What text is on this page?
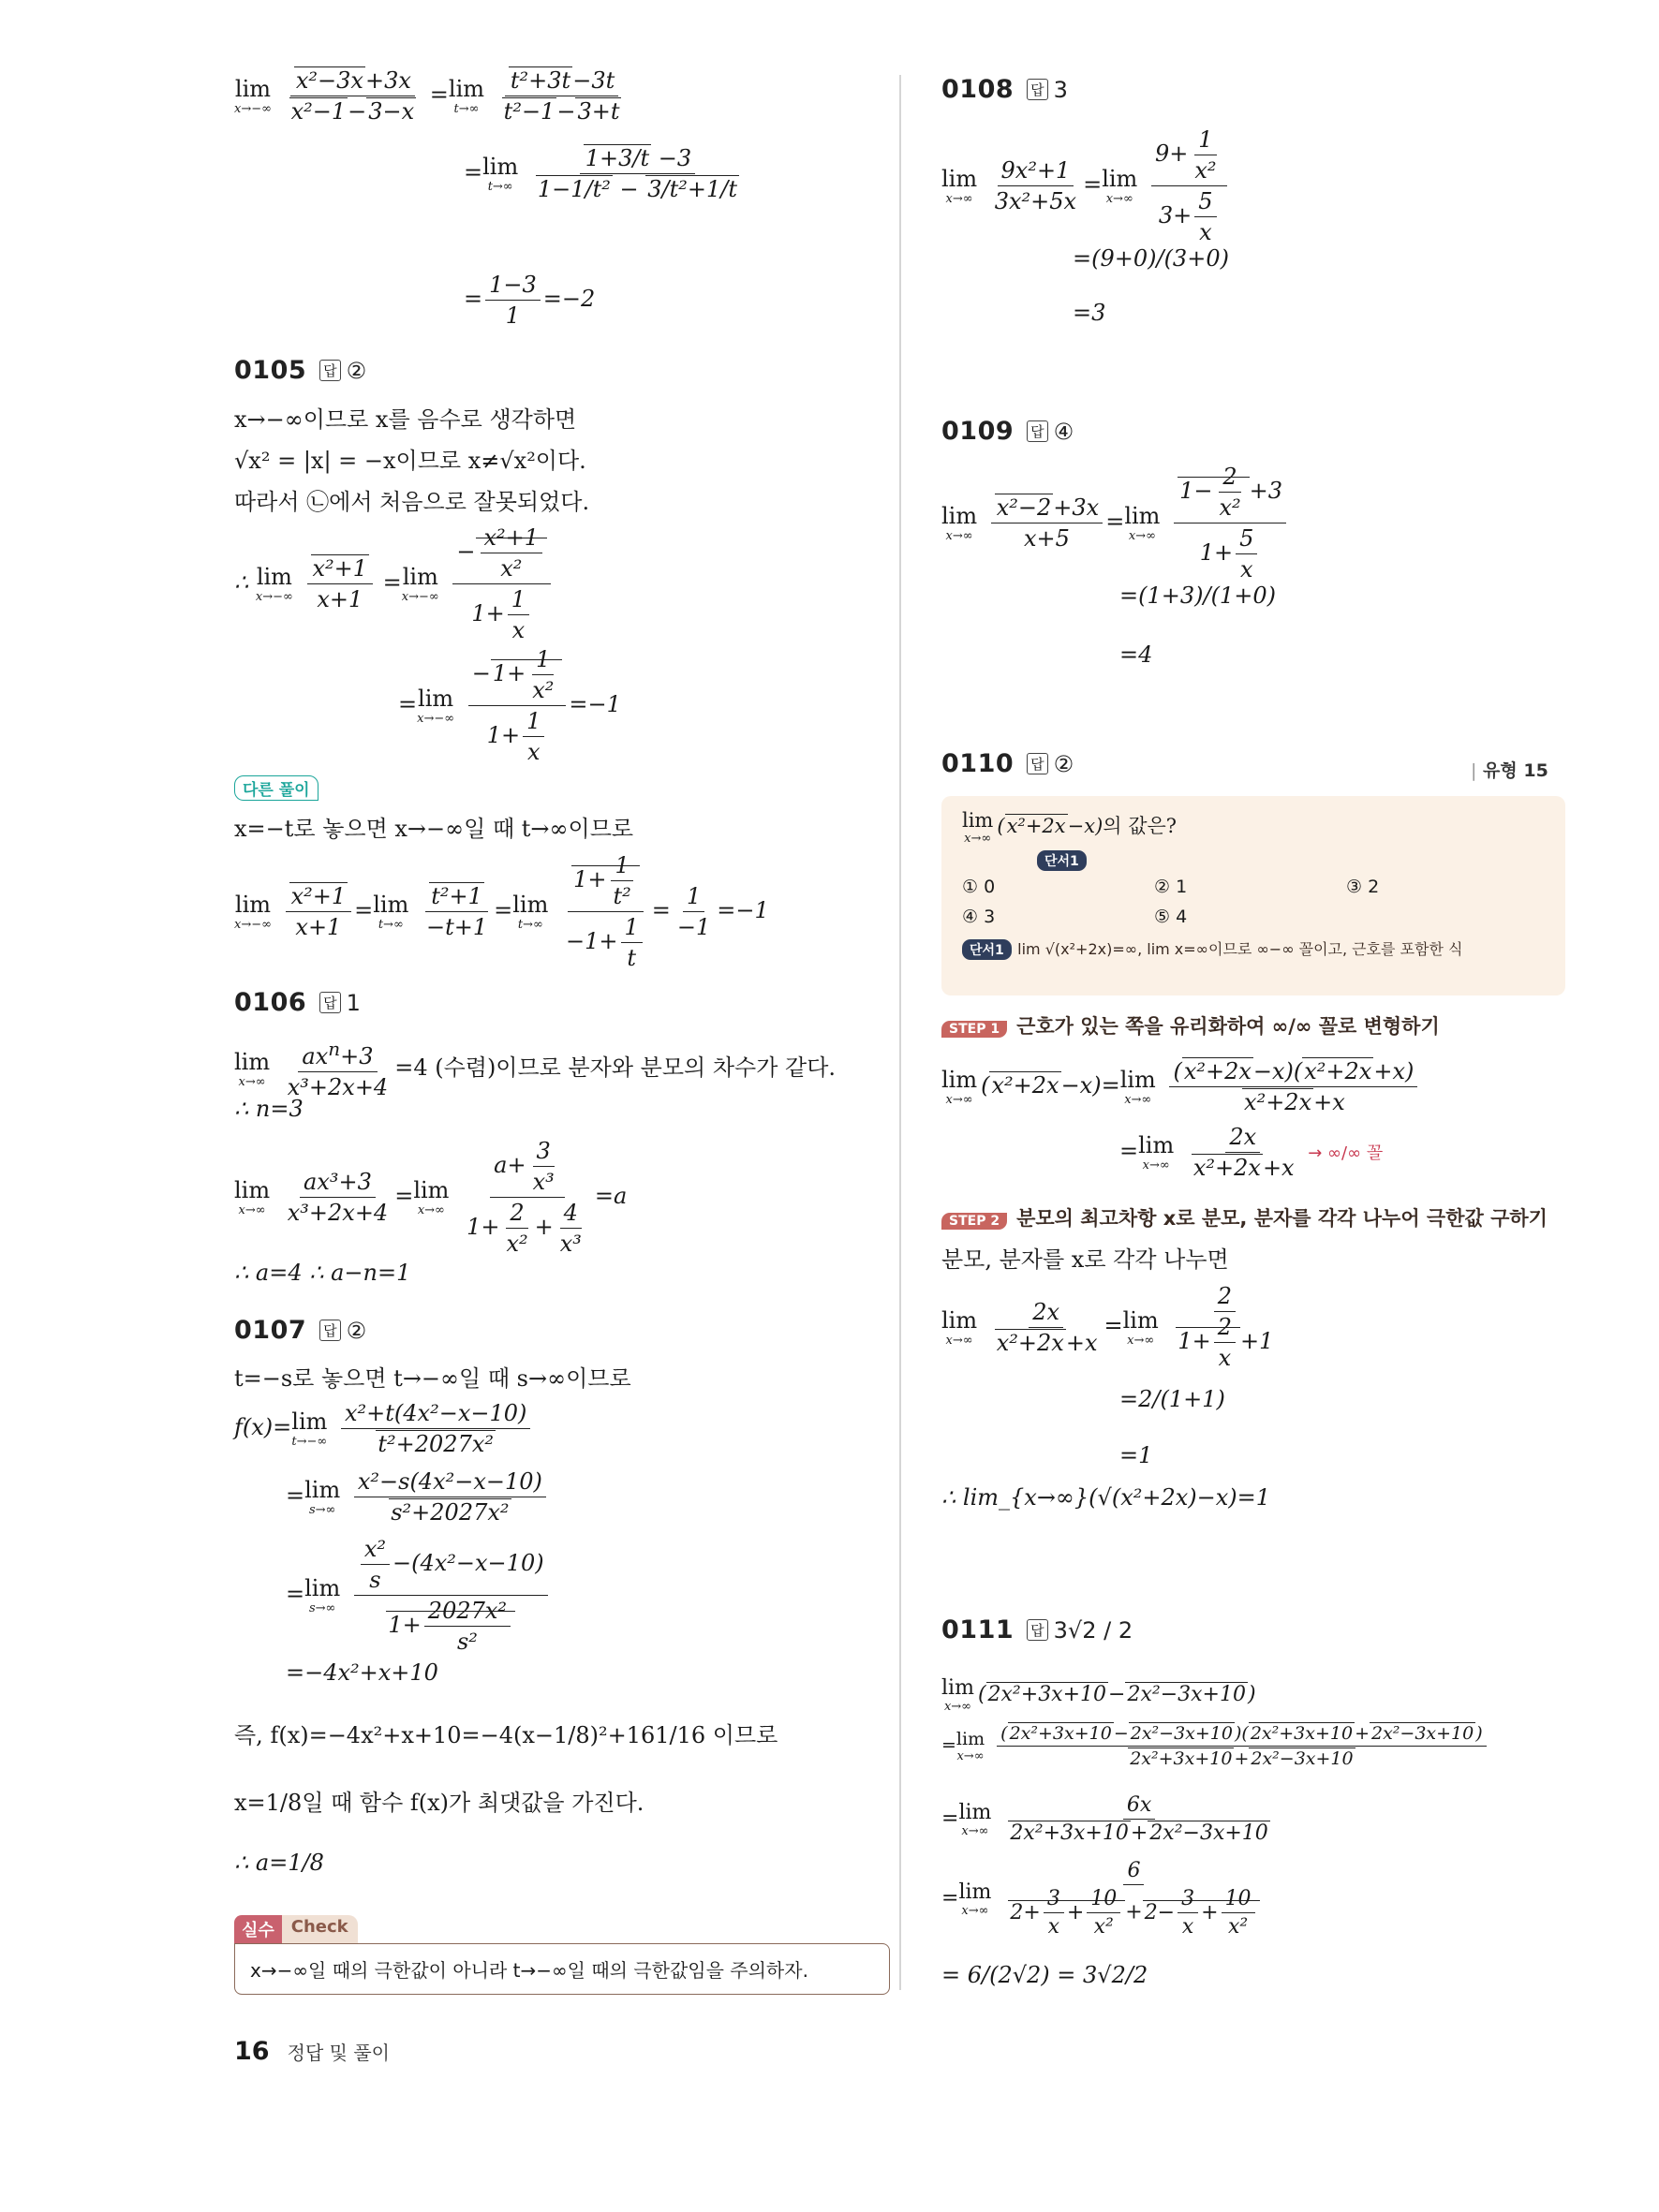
lim
x→−∞
$\frac{\text{x²−3x+3x}}{\text{x²−1−3−x}} = \lim$
t→∞
$\frac{\text{t²+3t−3t}}{\text{t²−1−3+t}}$
= lim
t→∞
$\frac{1+3/t -3}{\text{1−1/t² − 3/t²+1/t}}$
= $\frac{1-3}{1} =-2$
0105 답 ②
x→−∞이므로 x를 음수로 생각하면
√x² = |x| = −x이므로 x≠√x²이다.
따라서 ㉡에서 처음으로 잘못되었다.
∴ lim
x→−∞
$\frac{\text{x²+1}}{x+1} = \lim$
x→−∞
$\frac{- \frac{\text{x²+1}}{\text{x²}}}{1+ \frac{1}{x}}$
= lim
x→−∞
$\frac{-1+ \frac{1}{\text{x²}}}{1+ \frac{1}{x}} =-1$
다른 풀이
x=−t로 놓으면 x→−∞일 때 t→∞이므로
lim
x→−∞
$\frac{\text{x²+1}}{x+1} = \lim$
t→∞
$\frac{\text{t²+1}}{-t+1} = \lim$
t→∞
$\frac{1+ \frac{1}{\text{t²}}}{-1+ \frac{1}{t}} = \frac{1}{-1} =-1$
0106 답 1
lim
x→∞
$\frac{ax^n+3}{\text{x³+2x+4}} =4$ (수렴)이므로 분자와 분모의 차수가 같다.
∴ n=3
lim
x→∞
$\frac{\text{ax³+3}}{\text{x³+2x+4}} = \lim$
x→∞
$\frac{a+ \frac{3}{\text{x³}}}{1+ \frac{2}{\text{x²}} + \frac{4}{\text{x³}}} =a$
∴ a=4 ∴ a−n=1
0107 답 ②
t=−s로 놓으면 t→−∞일 때 s→∞이므로
f(x)= lim
t→−∞
$\frac{\text{x²+t(4x²−x−10)}}{\text{t²+2027x²}}$
= lim
s→∞
$\frac{\text{x²−s(4x²−x−10)}}{\text{s²+2027x²}}$
= lim
s→∞
$\frac{\frac{\text{x²}}{s} -(4x^2-x-10)}{1+ \frac{\text{2027x²}}{\text{s²}}}$
=−4x²+x+10
즉, f(x)=−4x²+x+10=−4(x−1/8)²+161/16 이므로
x=1/8일 때 함수 f(x)가 최댓값을 가진다.
∴ a=1/8
실수	Check
x→−∞일 때의 극한값이 아니라 t→−∞일 때의 극한값임을 주의하자.
0108 답 3
lim
x→∞
$\frac{\text{9x²+1}}{\text{3x²+5x}} = \lim$
x→∞
$\frac{9+ \frac{1}{\text{x²}}}{3+ \frac{5}{x}}$
=(9+0)/(3+0)
=3
0109 답 ④
lim
x→∞
$\frac{\text{x²−2+3x}}{x+5} = \lim$
x→∞
$\frac{1- \frac{2}{\text{x²}} +3}{1+ \frac{5}{x}}$
=(1+3)/(1+0)
=4
0110 답 ②	| 유형 15
lim
x→∞
(x²+2x−x)의 값은?
단서1
① 0	② 1	③ 2
④ 3	⑤ 4
단서1 lim √(x²+2x)=∞, lim x=∞이므로 ∞−∞ 꼴이고, 근호를 포함한 식
STEP 1 근호가 있는 쪽을 유리화하여 ∞/∞ 꼴로 변형하기
lim
x→∞
(x²+2x−x)= lim
x→∞
$\frac{\text{(x²+2x−x)(x²+2x+x)}}{\text{x²+2x+x}}$
= lim
x→∞
$\frac{2x}{\text{x²+2x+x}}$ → ∞/∞ 꼴
STEP 2 분모의 최고차항 x로 분모, 분자를 각각 나누어 극한값 구하기
분모, 분자를 x로 각각 나누면
lim
x→∞
$\frac{2x}{\text{x²+2x+x}} = \lim$
x→∞
$\frac{2}{1+ \frac{2}{x} +1}$
=2/(1+1)
=1
∴ lim_{x→∞}(√(x²+2x)−x)=1
0111 답 3√2 / 2
lim
x→∞
(2x²+3x+10−2x²−3x+10)
= lim
x→∞
$\frac{\text{( 2x²+3x+10 − 2x²−3x+10 )( 2x²+3x+10 + 2x²−3x+10 )}}{\text{2x²+3x+10 + 2x²−3x+10}}$
= lim
x→∞
$\frac{6x}{\text{2x²+3x+10+2x²−3x+10}}$
= lim
x→∞
$\frac{6}{2+ \frac{3}{x} + \frac{10}{\text{x²}} +2- \frac{3}{x} + \frac{10}{\text{x²}}}$
= 6/(2√2) = 3√2/2
16 정답 및 풀이
